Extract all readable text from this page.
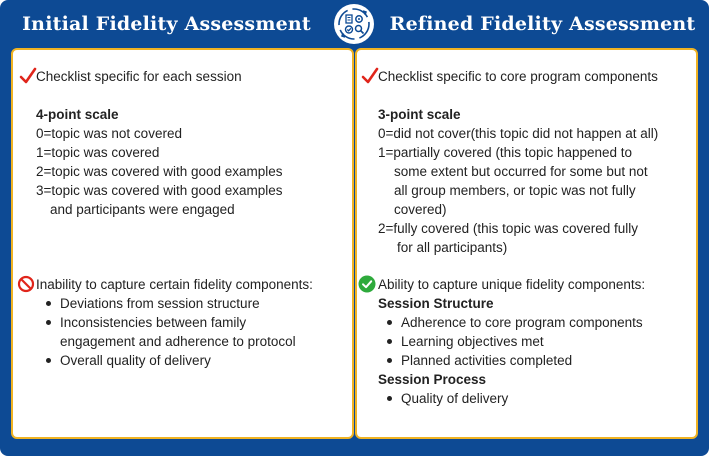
Initial Fidelity Assessment	Refined Fidelity Assessment
Checklist specific for each session
4-point scale
0=topic was not covered
1=topic was covered
2=topic was covered with good examples
3=topic was covered with good examples
and participants were engaged
Inability to capture certain fidelity components:
Deviations from session structure
Inconsistencies between family
engagement and adherence to protocol
Overall quality of delivery
Checklist specific to core program components
3-point scale
0=did not cover(this topic did not happen at all)
1=partially covered (this topic happened to
some extent but occurred for some but not
all group members, or topic was not fully
covered)
2=fully covered (this topic was covered fully
for all participants)
Ability to capture unique fidelity components:
Session Structure
Adherence to core program components
Learning objectives met
Planned activities completed
Session Process
Quality of delivery
